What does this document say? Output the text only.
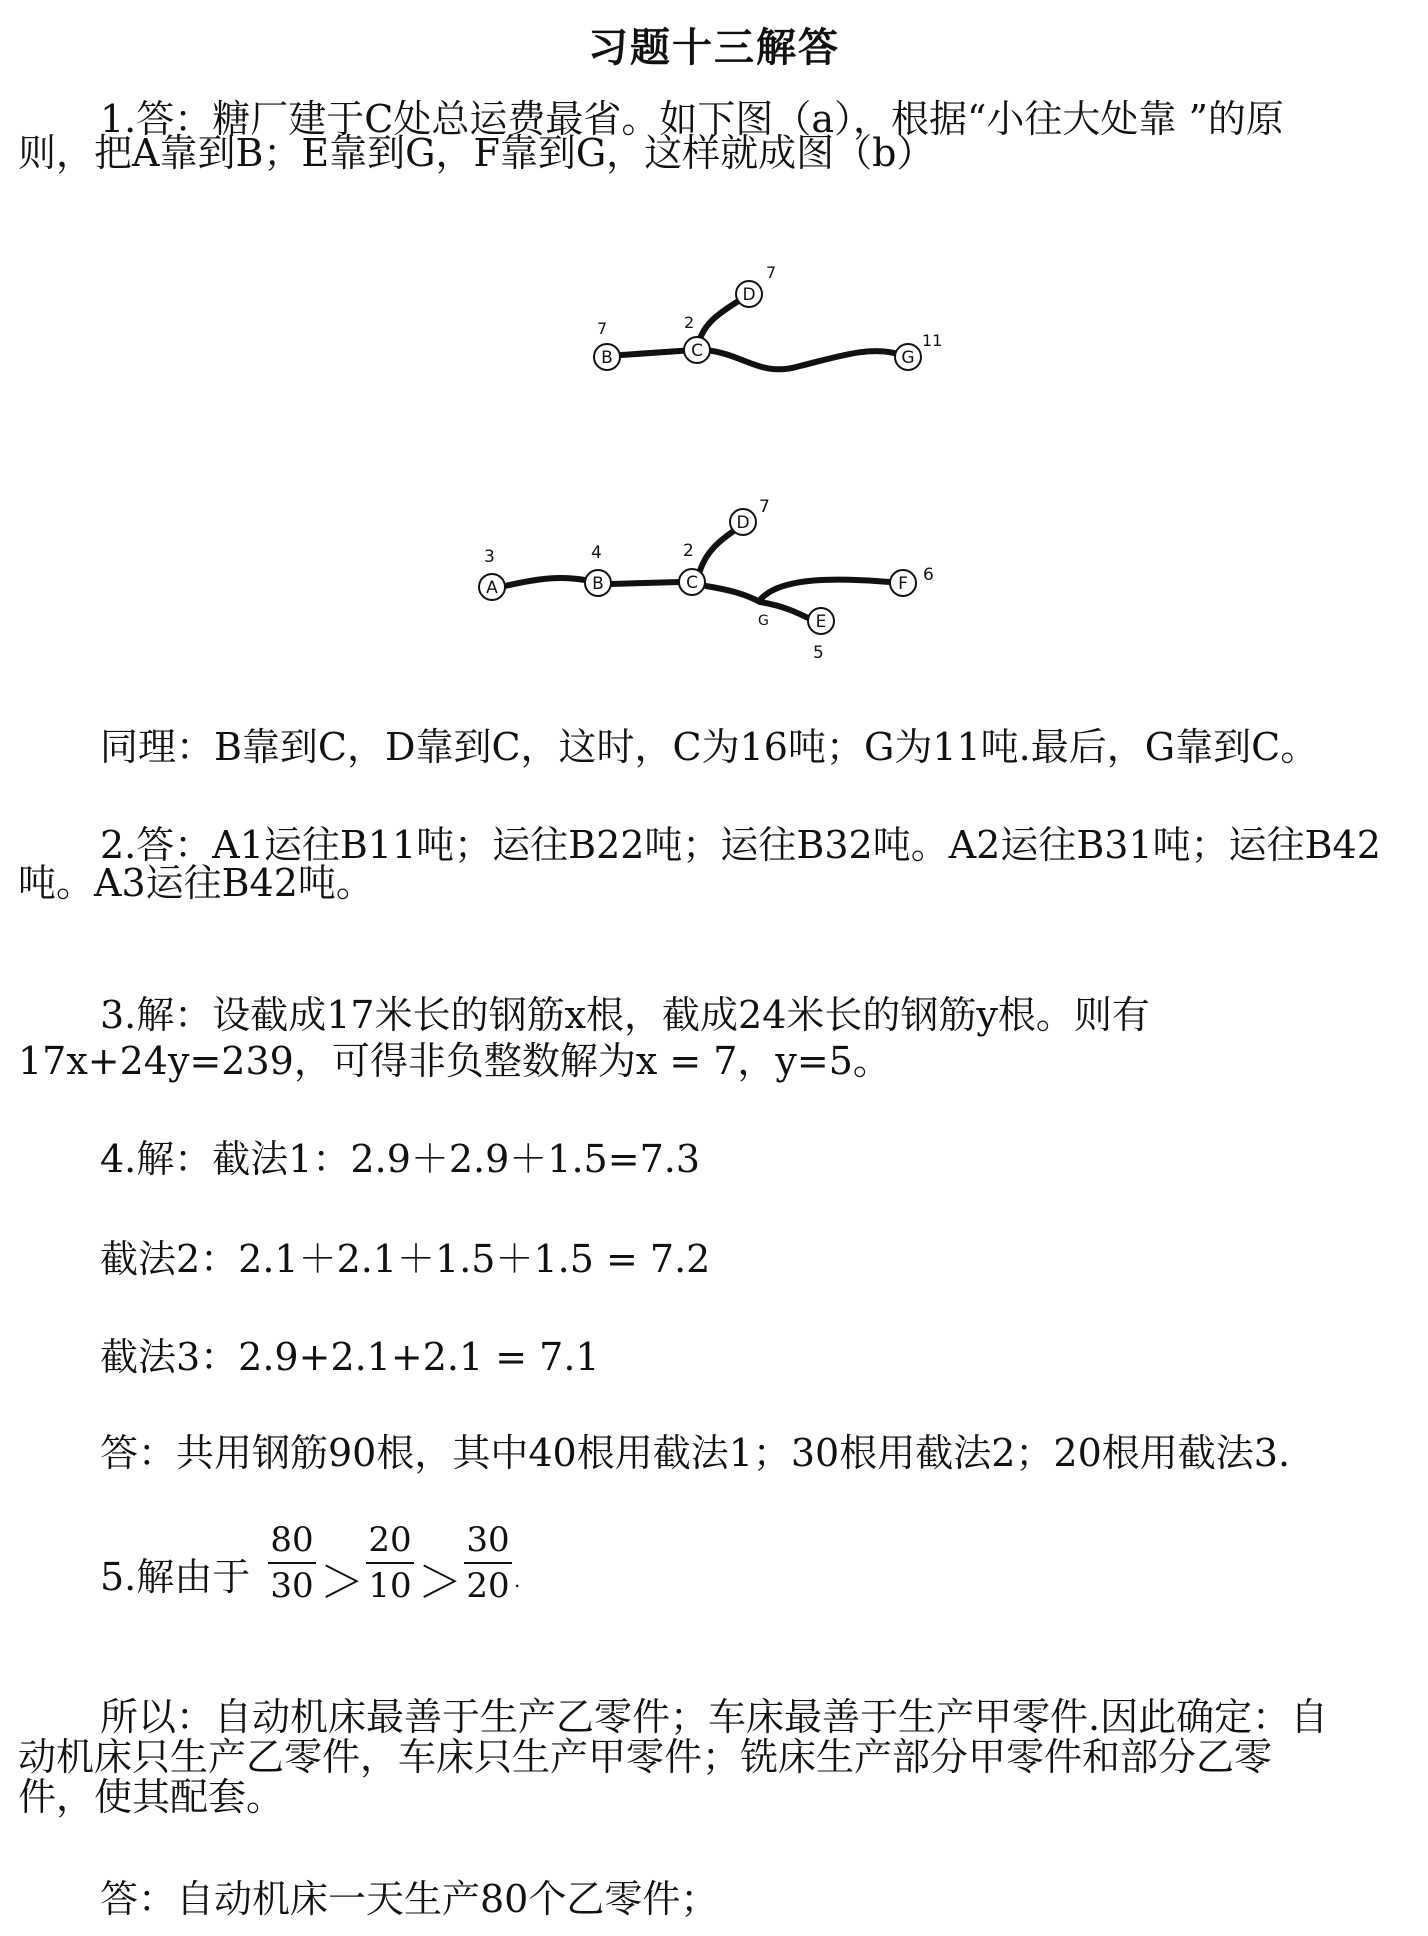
习题十三解答
1.答：糖厂建于C处总运费最省。如下图（a），根据“小往大处靠 ”的原
则，把A靠到B；E靠到G，F靠到G，这样就成图（b）
B	C
D
G
7	2
7
11
A	B	C
D
F
E
3	4	2
7
6
5
G
同理：B靠到C，D靠到C，这时，C为16吨；G为11吨.最后，G靠到C。
2.答：A1运往B11吨；运往B22吨；运往B32吨。A2运往B31吨；运往B42
吨。A3运往B42吨。
3.解：设截成17米长的钢筋x根，截成24米长的钢筋y根。则有
17x+24y=239，可得非负整数解为x = 7，y=5。
4.解：截法1：2.9＋2.9＋1.5=7.3
截法2：2.1＋2.1＋1.5＋1.5 = 7.2
截法3：2.9+2.1+2.1 = 7.1
答：共用钢筋90根，其中40根用截法1；30根用截法2；20根用截法3.
5.解由于
80
30 ＞
20
10 ＞
30
20 .
所以：自动机床最善于生产乙零件；车床最善于生产甲零件.因此确定：自
动机床只生产乙零件，车床只生产甲零件；铣床生产部分甲零件和部分乙零
件，使其配套。
答：自动机床一天生产80个乙零件；
